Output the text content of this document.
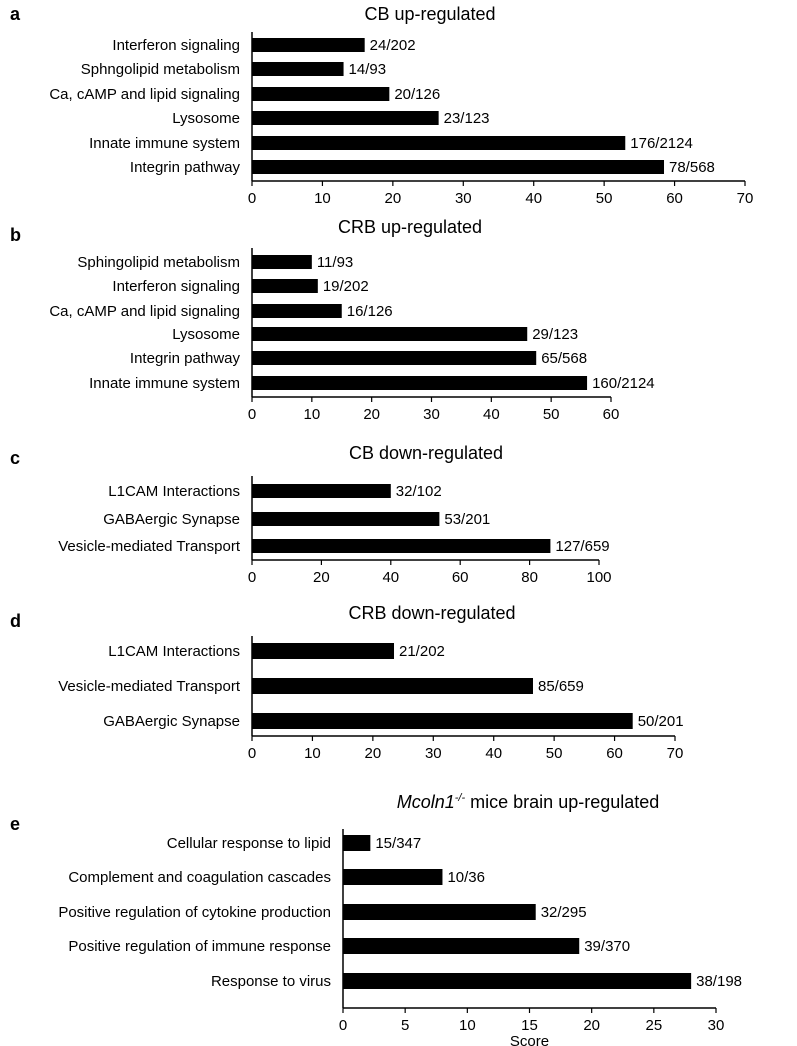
a	CB up-regulated
0	10	20	30	40	50	60	70
Interferon signaling	24/202
Sphngolipid metabolism	14/93
Ca, cAMP and lipid signaling	20/126
Lysosome	23/123
Innate immune system	176/2124
Integrin pathway	78/568
b	CRB up-regulated
0	10	20	30	40	50	60
Sphingolipid metabolism	11/93
Interferon signaling	19/202
Ca, cAMP and lipid signaling	16/126
Lysosome	29/123
Integrin pathway	65/568
Innate immune system	160/2124
c	CB down-regulated
0	20	40	60	80	100
L1CAM Interactions	32/102
GABAergic Synapse	53/201
Vesicle-mediated Transport	127/659
d	CRB down-regulated
0	10	20	30	40	50	60	70
L1CAM Interactions	21/202
Vesicle-mediated Transport	85/659
GABAergic Synapse	50/201
e
Mcoln1-/- mice brain up-regulated
0	5	10	15	20	25	30
Cellular response to lipid	15/347
Complement and coagulation cascades	10/36
Positive regulation of cytokine production	32/295
Positive regulation of immune response	39/370
Response to virus	38/198
Score
